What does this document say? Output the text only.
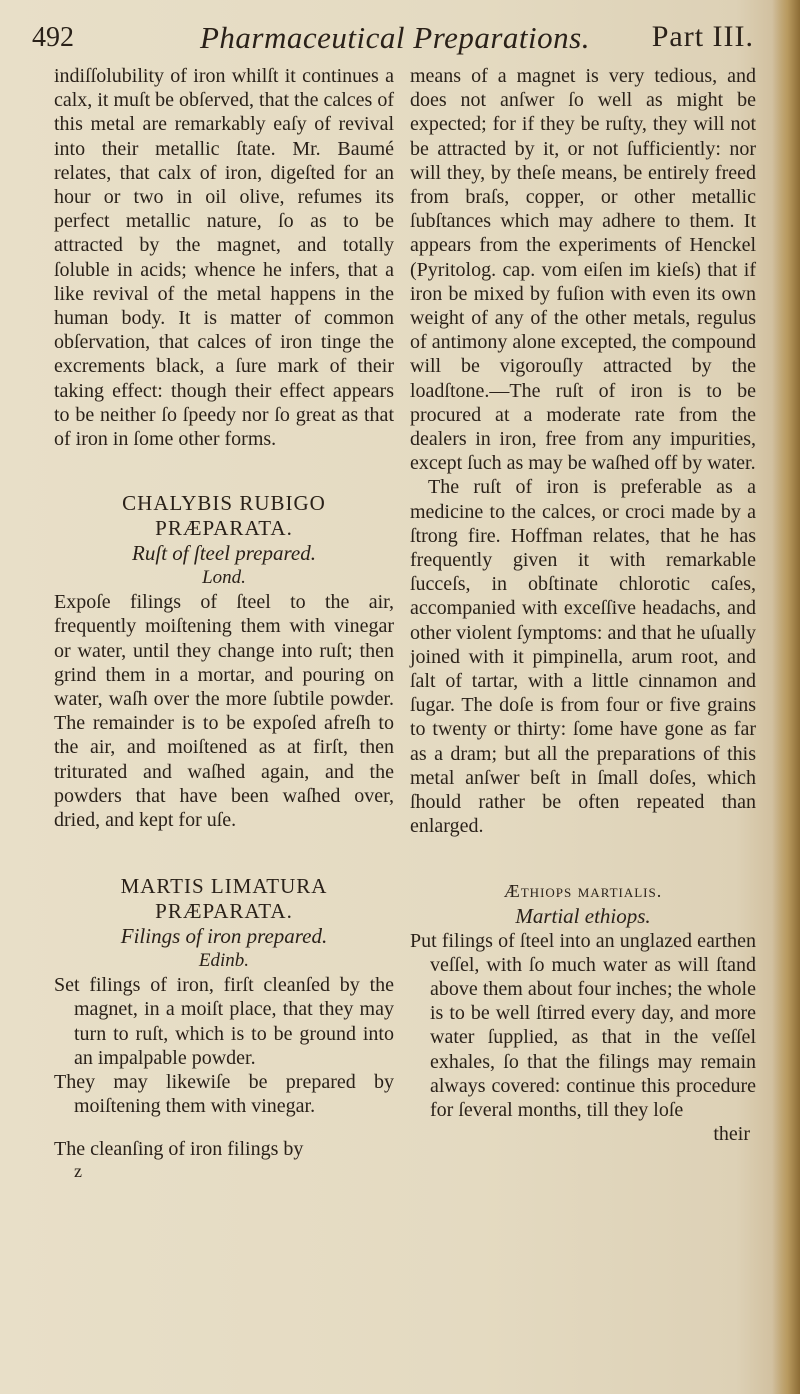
492	Pharmaceutical Preparations. Part III.

indiſſolubility of iron whilſt it continues a calx, it muſt be obſerved, that the calces of this metal are remarkably eaſy of revival into their metallic ſtate. Mr. Baumé relates, that calx of iron, digeſted for an hour or two in oil olive, refumes its perfect metallic nature, ſo as to be attracted by the magnet, and totally ſoluble in acids; whence he infers, that a like revival of the metal happens in the human body. It is matter of common obſervation, that calces of iron tinge the excrements black, a ſure mark of their taking effect: though their effect appears to be neither ſo ſpeedy nor ſo great as that of iron in ſome other forms.

CHALYBIS RUBIGO PRÆPARATA.

Ruſt of ſteel prepared.

Lond.

Expoſe filings of ſteel to the air, frequently moiſtening them with vinegar or water, until they change into ruſt; then grind them in a mortar, and pouring on water, waſh over the more ſubtile powder. The remainder is to be expoſed afreſh to the air, and moiſtened as at firſt, then triturated and waſhed again, and the powders that have been waſhed over, dried, and kept for uſe.

MARTIS LIMATURA PRÆPARATA.

Filings of iron prepared.

Edinb.

Set filings of iron, firſt cleanſed by the magnet, in a moiſt place, that they may turn to ruſt, which is to be ground into an impalpable powder.

They may likewiſe be prepared by moiſtening them with vinegar.

The cleanſing of iron filings by

z

means of a magnet is very tedious, and does not anſwer ſo well as might be expected; for if they be ruſty, they will not be attracted by it, or not ſufficiently: nor will they, by theſe means, be entirely freed from braſs, copper, or other metallic ſubſtances which may adhere to them. It appears from the experiments of Henckel (Pyritolog. cap. vom eiſen im kieſs) that if iron be mixed by fuſion with even its own weight of any of the other metals, regulus of antimony alone excepted, the compound will be vigorouſly attracted by the loadſtone.—The ruſt of iron is to be procured at a moderate rate from the dealers in iron, free from any impurities, except ſuch as may be waſhed off by water.

The ruſt of iron is preferable as a medicine to the calces, or croci made by a ſtrong fire. Hoffman relates, that he has frequently given it with remarkable ſucceſs, in obſtinate chlorotic caſes, accompanied with exceſſive headachs, and other violent ſymptoms: and that he uſually joined with it pimpinella, arum root, and ſalt of tartar, with a little cinnamon and ſugar. The doſe is from four or five grains to twenty or thirty: ſome have gone as far as a dram; but all the preparations of this metal anſwer beſt in ſmall doſes, which ſhould rather be often repeated than enlarged.

Æthiops martialis.

Martial ethiops.

Put filings of ſteel into an unglazed earthen veſſel, with ſo much water as will ſtand above them about four inches; the whole is to be well ſtirred every day, and more water ſupplied, as that in the veſſel exhales, ſo that the filings may remain always covered: continue this procedure for ſeveral months, till they loſe

their
